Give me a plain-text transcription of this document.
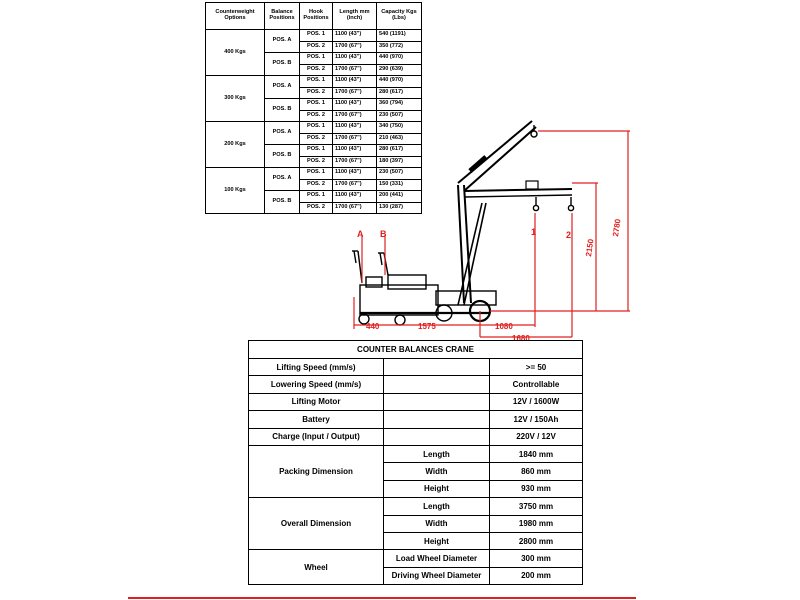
Counterweight Options	Balance Positions	Hook Positions	Length mm (inch)	Capacity Kgs (Lbs)
400 Kgs	POS. A	POS. 1	1100 (43")	540 (1191)
		POS. 2	1700 (67")	350 (772)
	POS. B	POS. 1	1100 (43")	440 (970)
		POS. 2	1700 (67")	290 (639)
300 Kgs	POS. A	POS. 1	1100 (43")	440 (970)
		POS. 2	1700 (67")	280 (617)
	POS. B	POS. 1	1100 (43")	360 (794)
		POS. 2	1700 (67")	230 (507)
200 Kgs	POS. A	POS. 1	1100 (43")	340 (750)
		POS. 2	1700 (67")	210 (463)
	POS. B	POS. 1	1100 (43")	280 (617)
		POS. 2	1700 (67")	180 (397)
100 Kgs	POS. A	POS. 1	1100 (43")	230 (507)
		POS. 2	1700 (67")	150 (331)
	POS. B	POS. 1	1100 (43")	200 (441)
		POS. 2	1700 (67")	130 (287)
A B	1	2
440	1575	1080
1680
2150
2780
COUNTER BALANCES CRANE		
Lifting Speed (mm/s)		>= 50
Lowering Speed (mm/s)		Controllable
Lifting Motor		12V / 1600W
Battery		12V / 150Ah
Charge (Input / Output)		220V / 12V
Packing Dimension	Length	1840 mm
	Width	860 mm
	Height	930 mm
Overall Dimension	Length	3750 mm
	Width	1980 mm
	Height	2800 mm
Wheel	Load Wheel Diameter	300 mm
	Driving Wheel Diameter	200 mm
